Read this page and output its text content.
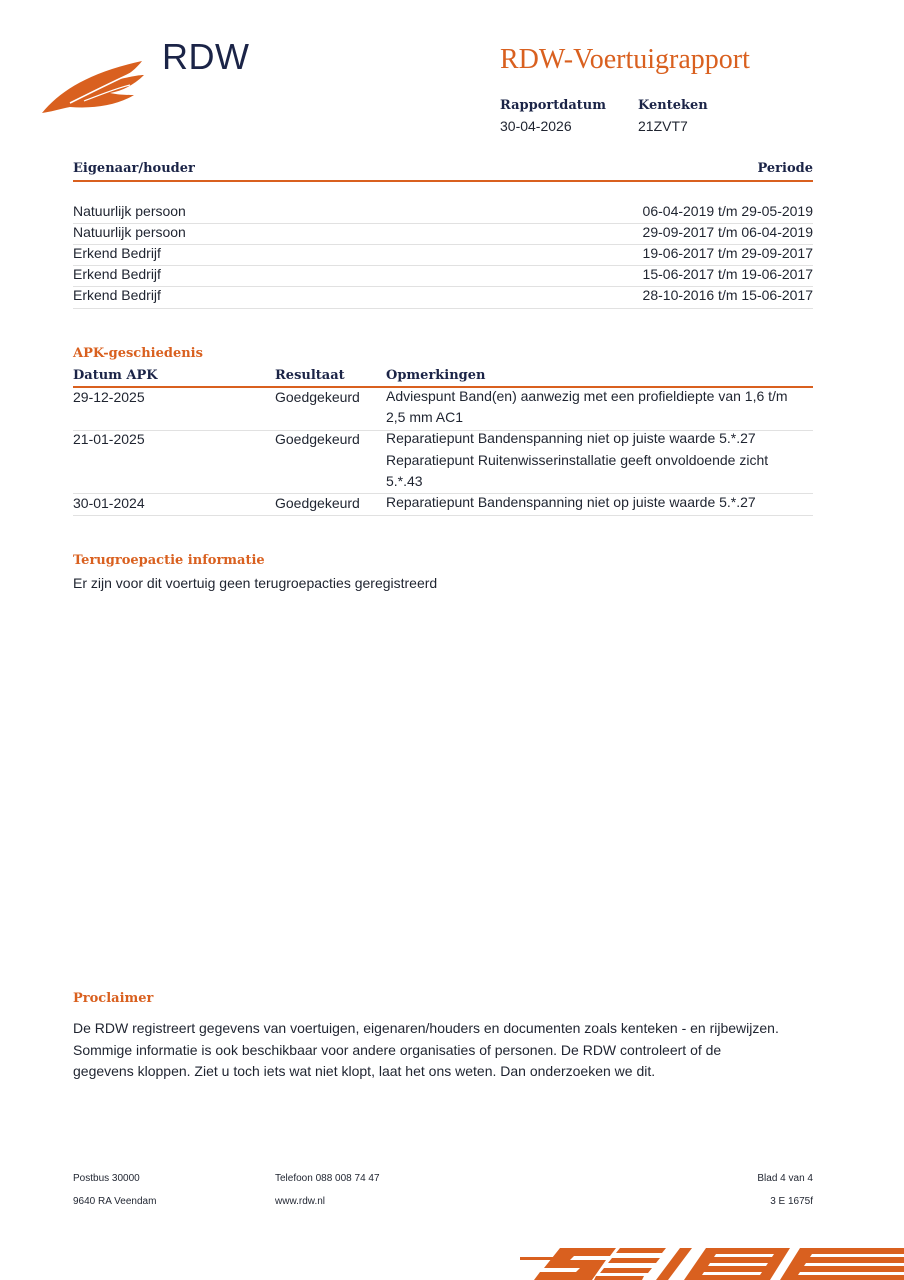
RDW	RDW-Voertuigrapport
Rapportdatum
30-04-2026
Kenteken
21ZVT7
Eigenaar/houder	Periode
Natuurlijk persoon	06-04-2019 t/m 29-05-2019
Natuurlijk persoon	29-09-2017 t/m 06-04-2019
Erkend Bedrijf	19-06-2017 t/m 29-09-2017
Erkend Bedrijf	15-06-2017 t/m 19-06-2017
Erkend Bedrijf	28-10-2016 t/m 15-06-2017
APK-geschiedenis
Datum APK	Resultaat	Opmerkingen
29-12-2025	Goedgekeurd Adviespunt Band(en) aanwezig met een profieldiepte van 1,6 t/m 2,5 mm AC1
21-01-2025	Goedgekeurd Reparatiepunt Bandenspanning niet op juiste waarde 5.*.27
Reparatiepunt Ruitenwisserinstallatie geeft onvoldoende zicht 5.*.43
30-01-2024	Goedgekeurd Reparatiepunt Bandenspanning niet op juiste waarde 5.*.27
Terugroepactie informatie
Er zijn voor dit voertuig geen terugroepacties geregistreerd
Proclaimer
De RDW registreert gegevens van voertuigen, eigenaren/houders en documenten zoals kenteken - en rijbewijzen. Sommige informatie is ook beschikbaar voor andere organisaties of personen. De RDW controleert of de gegevens kloppen. Ziet u toch iets wat niet klopt, laat het ons weten. Dan onderzoeken we dit.
Postbus 30000
9640 RA Veendam
Telefoon 088 008 74 47
www.rdw.nl
Blad 4 van 4
3 E 1675f
